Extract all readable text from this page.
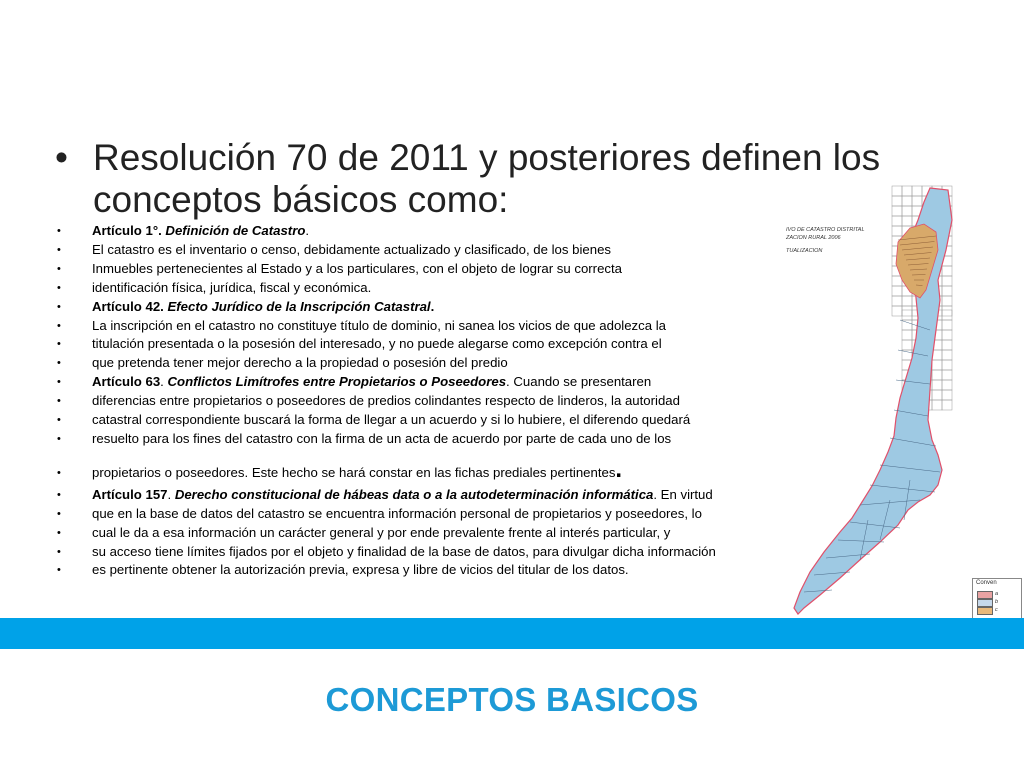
• Resolución 70 de 2011 y posteriores definen los conceptos básicos como:
• Artículo 1°. Definición de Catastro.
• El catastro es el inventario o censo, debidamente actualizado y clasificado, de los bienes
• Inmuebles pertenecientes al Estado y a los particulares, con el objeto de lograr su correcta
• identificación física, jurídica, fiscal y económica.
• Artículo 42. Efecto Jurídico de la Inscripción Catastral.
• La inscripción en el catastro no constituye título de dominio, ni sanea los vicios de que adolezca la
• titulación presentada o la posesión del interesado, y no puede alegarse como excepción contra el
• que pretenda tener mejor derecho a la propiedad o posesión del predio
• Artículo 63. Conflictos Limítrofes entre Propietarios o Poseedores. Cuando se presentaren
• diferencias entre propietarios o poseedores de predios colindantes respecto de linderos, la autoridad
• catastral correspondiente buscará la forma de llegar a un acuerdo y si lo hubiere, el diferendo quedará
• resuelto para los fines del catastro con la firma de un acta de acuerdo por parte de cada uno de los
• propietarios o poseedores. Este hecho se hará constar en las fichas prediales pertinentes.
• Artículo 157. Derecho constitucional de hábeas data o a la autodeterminación informática. En virtud
• que en la base de datos del catastro se encuentra información personal de propietarios y poseedores, lo
• cual le da a esa información un carácter general y por ende prevalente frente al interés particular, y
• su acceso tiene límites fijados por el objeto y finalidad de la base de datos, para divulgar dicha información
• es pertinente obtener la autorización previa, expresa y libre de vicios del titular de los datos.
IVO DE CATASTRO DISTRITAL
ZACION RURAL 2006
TUALIZACION
Conven
a
b
c
CONCEPTOS BASICOS
